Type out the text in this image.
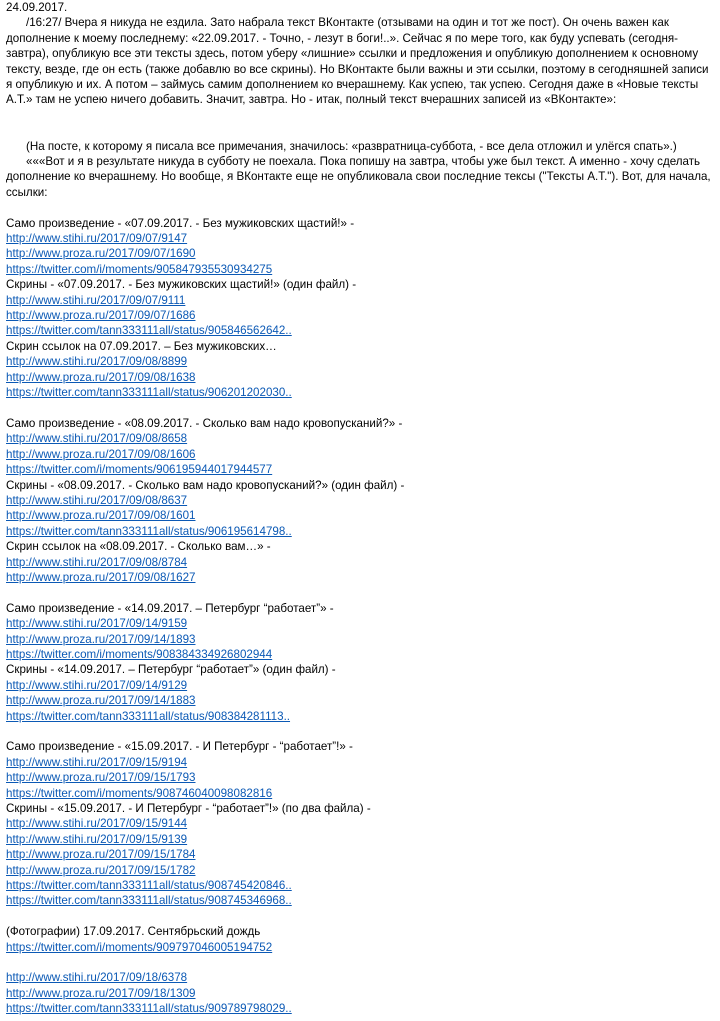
24.09.2017.

/16:27/ Вчера я никуда не ездила. Зато набрала текст ВКонтакте (отзывами на один и тот же пост). Он очень важен как дополнение к моему последнему: «22.09.2017. - Точно, - лезут в боги!..». Сейчас я по мере того, как буду успевать (сегодня-завтра), опубликую все эти тексты здесь, потом уберу «лишние» ссылки и предложения и опубликую дополнением к основному тексту, везде, где он есть (также добавлю во все скрины). Но ВКонтакте были важны и эти ссылки, поэтому в сегодняшней записи я опубликую и их. А потом – займусь самим дополнением ко вчерашнему. Как успею, так успею. Сегодня даже в «Новые тексты А.Т.» там не успею ничего добавить. Значит, завтра. Но - итак, полный текст вчерашних записей из «ВКонтакте»:

(На посте, к которому я писала все примечания, значилось: «развратница-суббота, - все дела отложил и улёгся спать».)

«««Вот и я в результате никуда в субботу не поехала. Пока попишу на завтра, чтобы уже был текст. А именно - хочу сделать дополнение ко вчерашнему. Но вообще, я ВКонтакте еще не опубликовала свои последние тексы ("Тексты А.Т."). Вот, для начала, ссылки:

Само произведение - «07.09.2017. - Без мужиковских щастий!» -
http://www.stihi.ru/2017/09/07/9147
http://www.proza.ru/2017/09/07/1690
https://twitter.com/i/moments/905847935530934275
Скрины - «07.09.2017. - Без мужиковских щастий!» (один файл) -
http://www.stihi.ru/2017/09/07/9111
http://www.proza.ru/2017/09/07/1686
https://twitter.com/tann333111all/status/905846562642..
Скрин ссылок на 07.09.2017. – Без мужиковских…
http://www.stihi.ru/2017/09/08/8899
http://www.proza.ru/2017/09/08/1638
https://twitter.com/tann333111all/status/906201202030..
Само произведение - «08.09.2017. - Сколько вам надо кровопусканий?» -
http://www.stihi.ru/2017/09/08/8658
http://www.proza.ru/2017/09/08/1606
https://twitter.com/i/moments/906195944017944577
Скрины - «08.09.2017. - Сколько вам надо кровопусканий?» (один файл) -
http://www.stihi.ru/2017/09/08/8637
http://www.proza.ru/2017/09/08/1601
https://twitter.com/tann333111all/status/906195614798..
Скрин ссылок на «08.09.2017. - Сколько вам…» -
http://www.stihi.ru/2017/09/08/8784
http://www.proza.ru/2017/09/08/1627
Само произведение - «14.09.2017. – Петербург “работает”» -
http://www.stihi.ru/2017/09/14/9159
http://www.proza.ru/2017/09/14/1893
https://twitter.com/i/moments/908384334926802944
Скрины - «14.09.2017. – Петербург “работает”» (один файл) -
http://www.stihi.ru/2017/09/14/9129
http://www.proza.ru/2017/09/14/1883
https://twitter.com/tann333111all/status/908384281113..
Само произведение - «15.09.2017. - И Петербург - “работает”!» -
http://www.stihi.ru/2017/09/15/9194
http://www.proza.ru/2017/09/15/1793
https://twitter.com/i/moments/908746040098082816
Скрины - «15.09.2017. - И Петербург - “работает”!» (по два файла) -
http://www.stihi.ru/2017/09/15/9144
http://www.stihi.ru/2017/09/15/9139
http://www.proza.ru/2017/09/15/1784
http://www.proza.ru/2017/09/15/1782
https://twitter.com/tann333111all/status/908745420846..
https://twitter.com/tann333111all/status/908745346968..
(Фотографии) 17.09.2017. Сентябрьский дождь
https://twitter.com/i/moments/909797046005194752
http://www.stihi.ru/2017/09/18/6378
http://www.proza.ru/2017/09/18/1309
https://twitter.com/tann333111all/status/909789798029..
